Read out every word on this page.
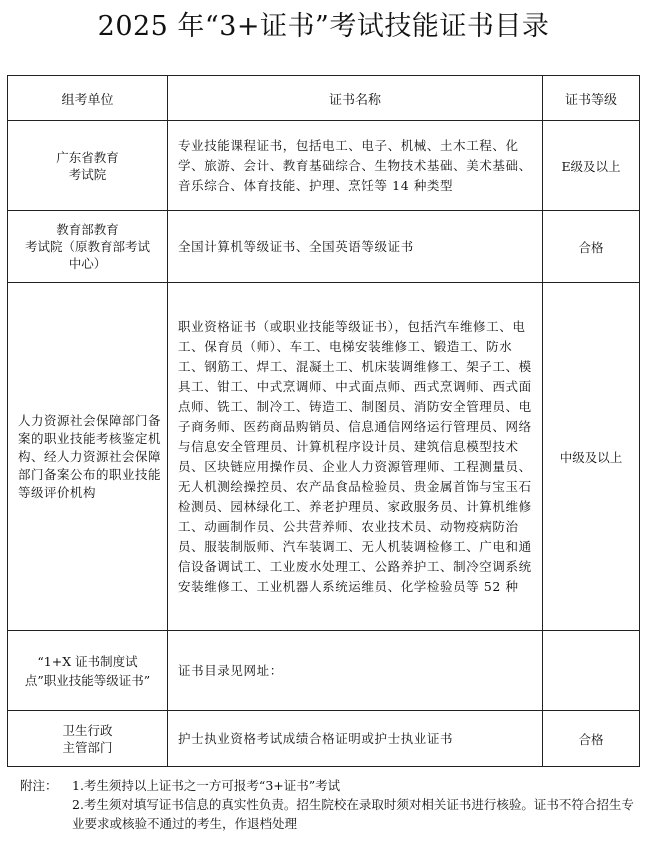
2025 年“3+证书”考试技能证书目录
组考单位	证书名称	证书等级
广东省教育
考试院	专业技能课程证书，包括电工、电子、机械、土木工程、化学、旅游、会计、教育基础综合、生物技术基础、美术基础、音乐综合、体育技能、护理、烹饪等 14 种类型	E级及以上
教育部教育
考试院（原教育部考试
中心）	全国计算机等级证书、全国英语等级证书	合格
人力资源社会保障部门备案的职业技能考核鉴定机构、经人力资源社会保障部门备案公布的职业技能等级评价机构	职业资格证书（或职业技能等级证书），包括汽车维修工、电工、保育员（师）、车工、电梯安装维修工、锻造工、防水工、钢筋工、焊工、混凝土工、机床装调维修工、架子工、模具工、钳工、中式烹调师、中式面点师、西式烹调师、西式面点师、铣工、制冷工、铸造工、制图员、消防安全管理员、电子商务师、医药商品购销员、信息通信网络运行管理员、网络与信息安全管理员、计算机程序设计员、建筑信息模型技术员、区块链应用操作员、企业人力资源管理师、工程测量员、无人机测绘操控员、农产品食品检验员、贵金属首饰与宝玉石检测员、园林绿化工、养老护理员、家政服务员、计算机维修工、动画制作员、公共营养师、农业技术员、动物疫病防治员、服装制版师、汽车装调工、无人机装调检修工、广电和通信设备调试工、工业废水处理工、公路养护工、制冷空调系统安装维修工、工业机器人系统运维员、化学检验员等 52 种	中级及以上
“1+X 证书制度试点”职业技能等级证书”	证书目录见网址：	
卫生行政
主管部门	护士执业资格考试成绩合格证明或护士执业证书	合格
附注：	1.考生须持以上证书之一方可报考“3+证书”考试
2.考生须对填写证书信息的真实性负责。招生院校在录取时须对相关证书进行核验。证书不符合招生专业要求或核验不通过的考生，作退档处理
